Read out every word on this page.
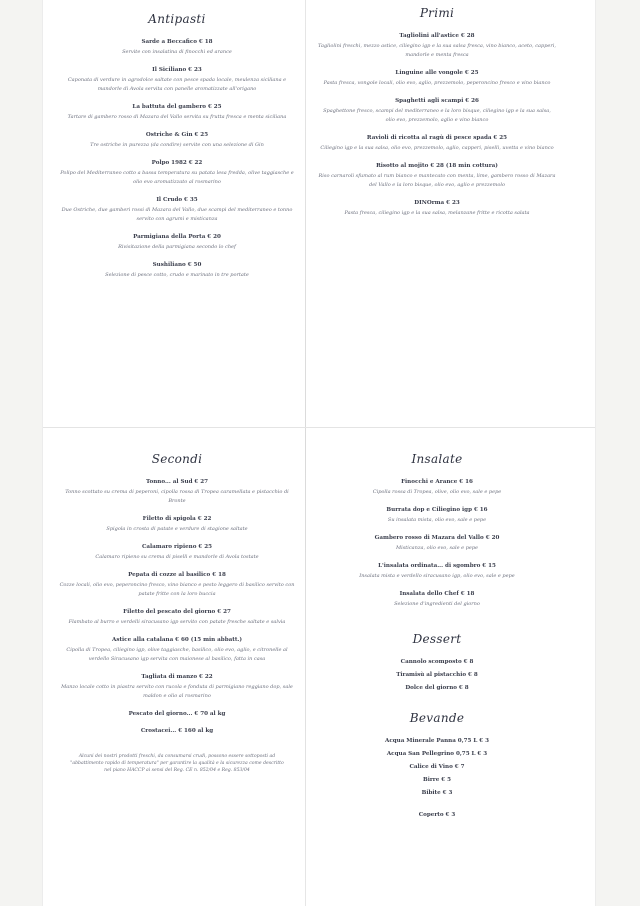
Antipasti
Sarde a Beccafico € 18
Servite con insalatina di finocchi ed arance
Il Siciliano € 23
Caponata di verdure in agrodolce saltate con pesce spada locale, meulenza siciliana e mandorle di Avola servita con panelle aromatizzate all'origano
La battuta del gambero € 25
Tartare di gambero rosso di Mazara del Vallo servita su frutta fresca e menta siciliana
Ostriche & Gin € 25
Tre ostriche in purezza (da condire) servite con una selezione di Gin
Polpo 1982 € 22
Polipo del Mediterraneo cotto a bassa temperatura su patata lesa fredda, olive taggiasche e olio evo aromatizzato al rosmarino
Il Crudo € 35
Due Ostriche, due gamberi rossi di Mazara del Vallo, due scampi del mediterraneo e tonno servito con agrumi e misticanza
Parmigiana della Porta € 20
Rivisitazione della parmigiana secondo lo chef
Sushiliano € 50
Selezione di pesce cotto, crudo e marinato in tre portate
Primi
Tagliolini all'astice € 28
Tagliolini freschi, mezzo astice, ciliegino igp e la sua salsa fresca, vino bianco, aceto, capperi, mandorle e menta fresca
Linguine alle vongole € 25
Pasta fresca, vongole locali, olio evo, aglio, prezzemolo, peperoncino fresco e vino bianco
Spaghetti agli scampi € 26
Spaghettone fresco, scampi del mediterraneo e la loro bisque, ciliegino igp e la sua salsa, olio evo, prezzemolo, aglio e vino bianco
Ravioli di ricotta al ragù di pesce spada € 25
Ciliegino igp e la sua salsa, olio evo, prezzemolo, aglio, capperi, piselli, uvetta e vino bianco
Risotto al mojito € 28 (18 min cottura)
Riso carnaroli sfumato al rum bianco e mantecato con menta, lime, gambero rosso di Mazara del Vallo e la loro bisque, olio evo, aglio e prezzemolo
DINOrma € 23
Pasta fresca, ciliegino igp e la sua salsa, melanzane fritte e ricotta salata
Secondi
Tonno... al Sud € 27
Tonno scottato su crema di peperoni, cipolla rossa di Tropea caramellata e pistacchio di Bronte
Filetto di spigola € 22
Spigola in crosta di patate e verdure di stagione saltate
Calamaro ripieno € 25
Calamaro ripieno su crema di piselli e mandorle di Avola tostate
Pepata di cozze al basilico € 18
Cozze locali, olio evo, peperoncino fresco, vino bianco e pesto leggero di basilico servito con patate fritte con la loro buccia
Filetto del pescato del giorno € 27
Flambato al burro e verdelli siracusano igp servito con patate fresche saltate e salvia
Astice alla catalana € 60 (15 min abbatt.)
Cipolla di Tropea, ciliegino igp, olive taggiasche, basilico, olio evo, aglio, e citronelle al verdello Siracusano igp servita con maionese al basilico, fatta in casa
Tagliata di manzo € 22
Manzo locale cotto in piastra servito con rucola e fonduta di parmigiano reggiano dop, sale maldon e olio al rosmarino
Pescato del giorno... € 70 al kg
Crostacei... € 160 al kg
Alcuni dei nostri prodotti freschi, da consumarsi crudi, possono essere sottoposti ad "abbattimento rapido di temperatura" per garantire la qualità e la sicurezza come descritto nel piano HACCP ai sensi del Reg. CE n. 852/04 e Reg. 853/04
Insalate
Finocchi e Arance € 16
Cipolla rossa di Tropea, olive, olio evo, sale e pepe
Burrata dop e Ciliegino igp € 16
Su insalata mista, olio evo, sale e pepe
Gambero rosso di Mazara del Vallo € 20
Misticanza, olio evo, sale e pepe
L'insalata ordinata... di sgombro € 15
Insalata mista e verdello siracusano igp, olio evo, sale e pepe
Insalata dello Chef € 18
Selezione d'ingredienti del giorno
Dessert
Cannolo scomposto € 8
Tiramisù al pistacchio € 8
Dolce del giorno € 8
Bevande
Acqua Minerale Panna 0,75 L € 3
Acqua San Pellegrino 0,75 L € 3
Calice di Vino € 7
Birre € 5
Bibite € 3
Coperto € 3
